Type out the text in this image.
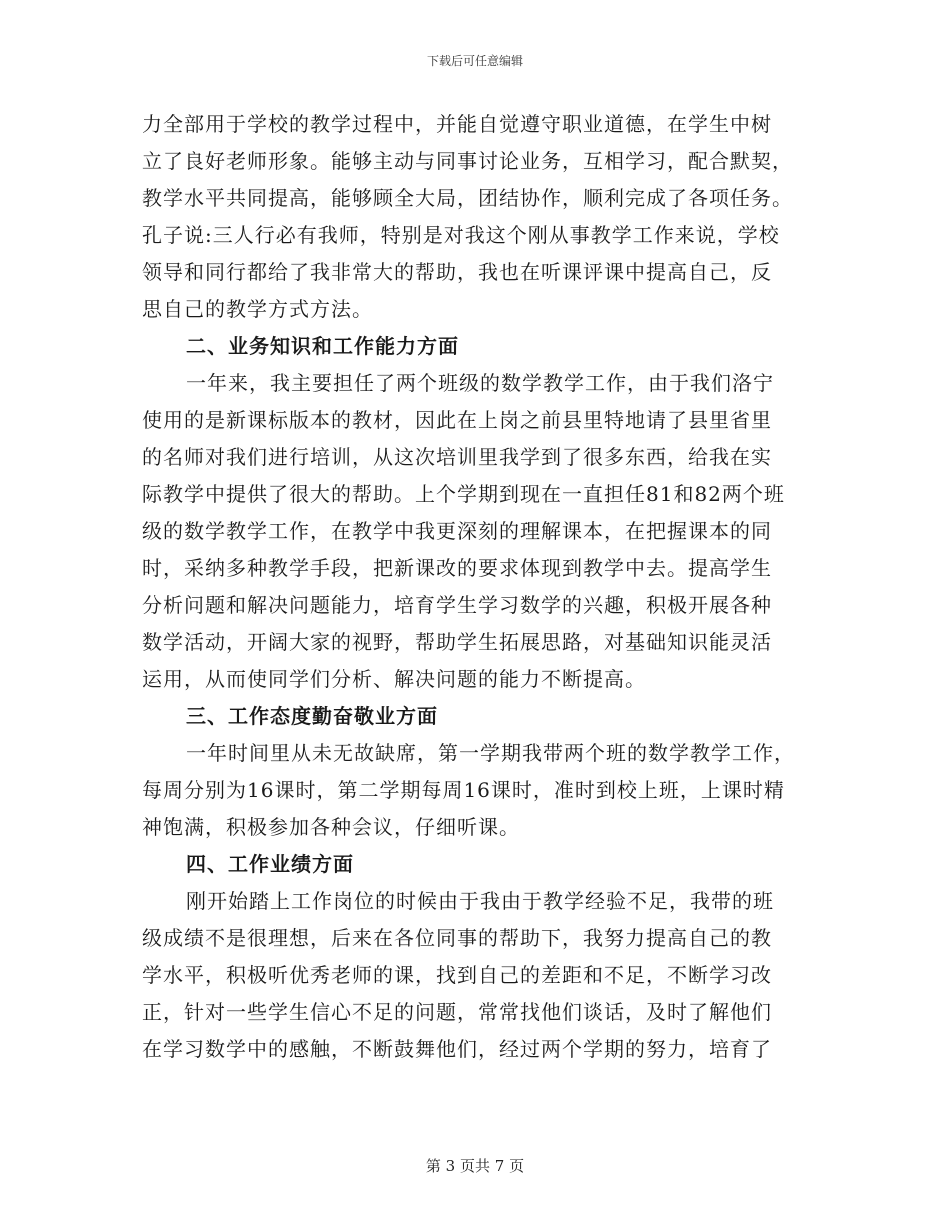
下载后可任意编辑
力全部用于学校的教学过程中，并能自觉遵守职业道德，在学生中树
立了良好老师形象。能够主动与同事讨论业务，互相学习，配合默契，
教学水平共同提高，能够顾全大局，团结协作，顺利完成了各项任务。
孔子说:三人行必有我师，特别是对我这个刚从事教学工作来说，学校
领导和同行都给了我非常大的帮助，我也在听课评课中提高自己，反
思自己的教学方式方法。
二、业务知识和工作能力方面
一年来，我主要担任了两个班级的数学教学工作，由于我们洛宁
使用的是新课标版本的教材，因此在上岗之前县里特地请了县里省里
的名师对我们进行培训，从这次培训里我学到了很多东西，给我在实
际教学中提供了很大的帮助。上个学期到现在一直担任81和82两个班
级的数学教学工作，在教学中我更深刻的理解课本，在把握课本的同
时，采纳多种教学手段，把新课改的要求体现到教学中去。提高学生
分析问题和解决问题能力，培育学生学习数学的兴趣，积极开展各种
数学活动，开阔大家的视野，帮助学生拓展思路，对基础知识能灵活
运用，从而使同学们分析、解决问题的能力不断提高。
三、工作态度勤奋敬业方面
一年时间里从未无故缺席，第一学期我带两个班的数学教学工作，
每周分别为16课时，第二学期每周16课时，准时到校上班，上课时精
神饱满，积极参加各种会议，仔细听课。
四、工作业绩方面
刚开始踏上工作岗位的时候由于我由于教学经验不足，我带的班
级成绩不是很理想，后来在各位同事的帮助下，我努力提高自己的教
学水平，积极听优秀老师的课，找到自己的差距和不足，不断学习改
正，针对一些学生信心不足的问题，常常找他们谈话，及时了解他们
在学习数学中的感触，不断鼓舞他们，经过两个学期的努力，培育了
第 3 页共 7 页
